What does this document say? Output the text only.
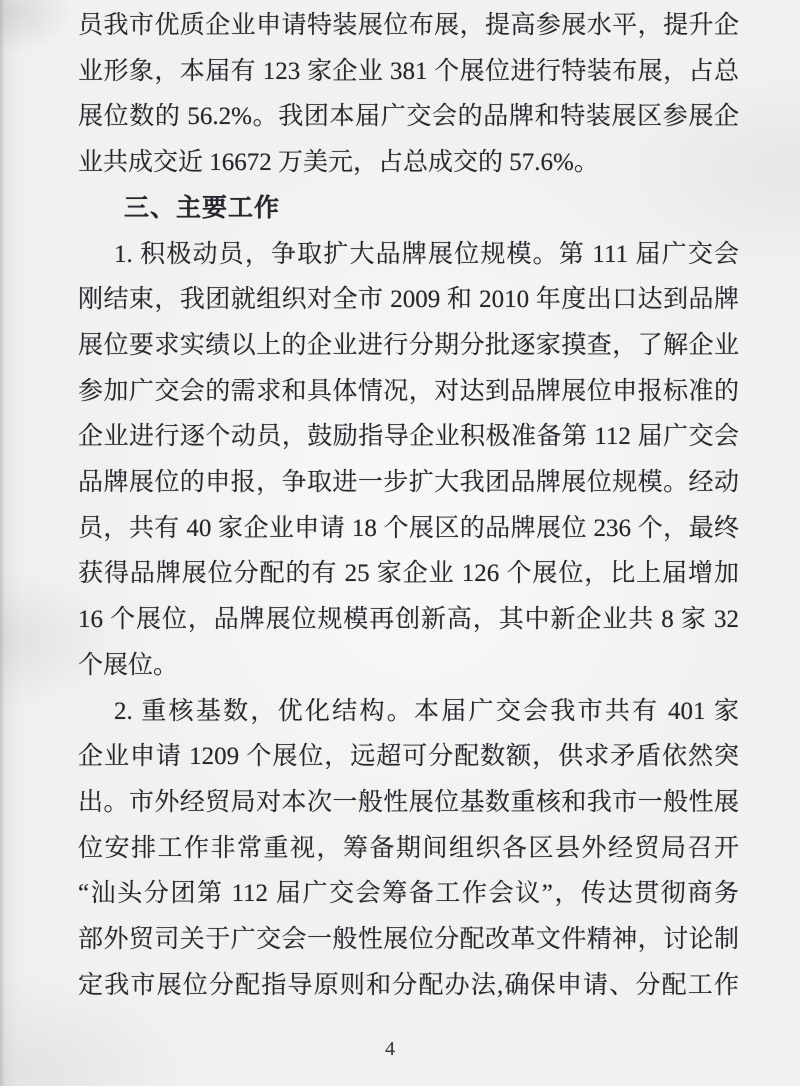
员我市优质企业申请特装展位布展，提高参展水平，提升企
业形象，本届有 123 家企业 381 个展位进行特装布展，占总
展位数的 56.2%。我团本届广交会的品牌和特装展区参展企
业共成交近 16672 万美元，占总成交的 57.6%。
三、主要工作
1. 积极动员，争取扩大品牌展位规模。第 111 届广交会
刚结束，我团就组织对全市 2009 和 2010 年度出口达到品牌
展位要求实绩以上的企业进行分期分批逐家摸查，了解企业
参加广交会的需求和具体情况，对达到品牌展位申报标准的
企业进行逐个动员，鼓励指导企业积极准备第 112 届广交会
品牌展位的申报，争取进一步扩大我团品牌展位规模。经动
员，共有 40 家企业申请 18 个展区的品牌展位 236 个，最终
获得品牌展位分配的有 25 家企业 126 个展位，比上届增加
16 个展位，品牌展位规模再创新高，其中新企业共 8 家 32
个展位。
2. 重核基数，优化结构。本届广交会我市共有 401 家
企业申请 1209 个展位，远超可分配数额，供求矛盾依然突
出。市外经贸局对本次一般性展位基数重核和我市一般性展
位安排工作非常重视，筹备期间组织各区县外经贸局召开
“汕头分团第 112 届广交会筹备工作会议”，传达贯彻商务
部外贸司关于广交会一般性展位分配改革文件精神，讨论制
定我市展位分配指导原则和分配办法,确保申请、分配工作
4
